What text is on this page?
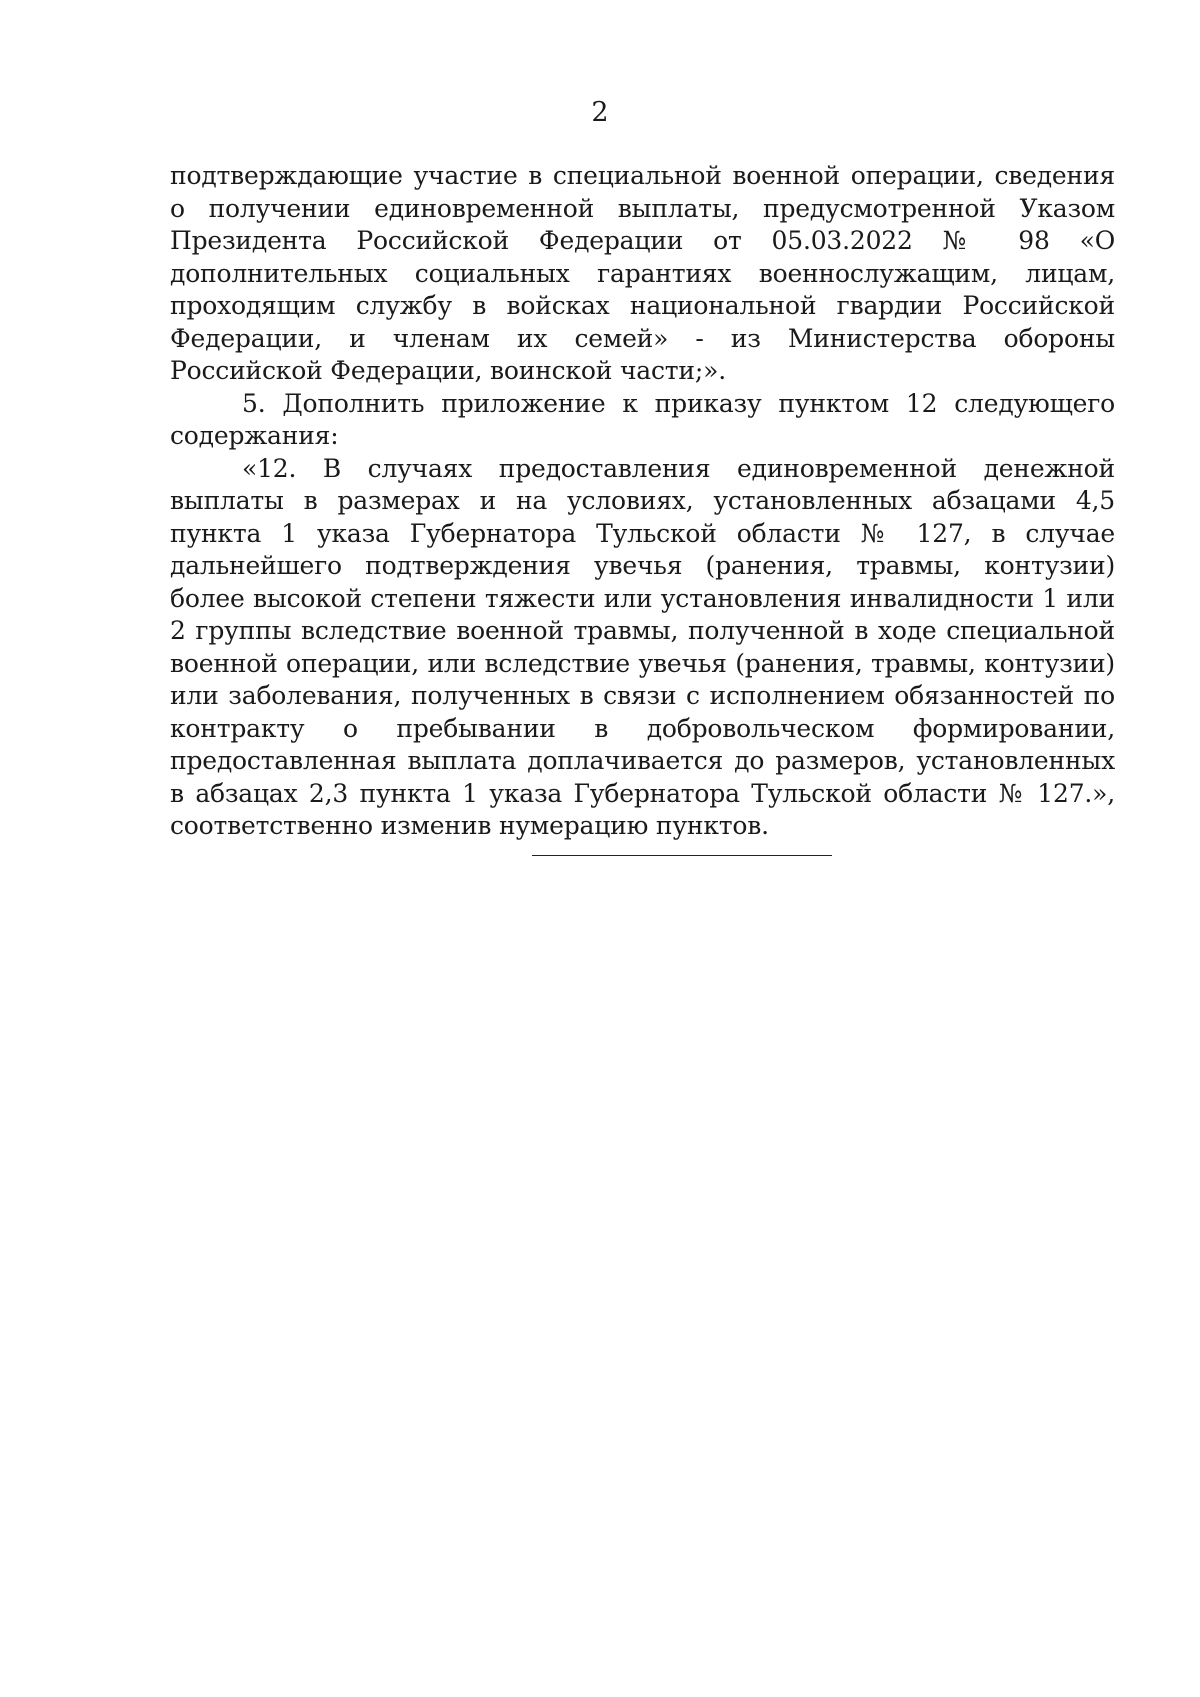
2

подтверждающие участие в специальной военной операции, сведения о получении единовременной выплаты, предусмотренной Указом Президента Российской Федерации от 05.03.2022 № 98 «О дополнительных социальных гарантиях военнослужащим, лицам, проходящим службу в войсках национальной гвардии Российской Федерации, и членам их семей» - из Министерства обороны Российской Федерации, воинской части;».

5. Дополнить приложение к приказу пунктом 12 следующего содержания:

«12. В случаях предоставления единовременной денежной выплаты в размерах и на условиях, установленных абзацами 4,5 пункта 1 указа Губернатора Тульской области № 127, в случае дальнейшего подтверждения увечья (ранения, травмы, контузии) более высокой степени тяжести или установления инвалидности 1 или 2 группы вследствие военной травмы, полученной в ходе специальной военной операции, или вследствие увечья (ранения, травмы, контузии) или заболевания, полученных в связи с исполнением обязанностей по контракту о пребывании в добровольческом формировании, предоставленная выплата доплачивается до размеров, установленных в абзацах 2,3 пункта 1 указа Губернатора Тульской области № 127.», соответственно изменив нумерацию пунктов.
